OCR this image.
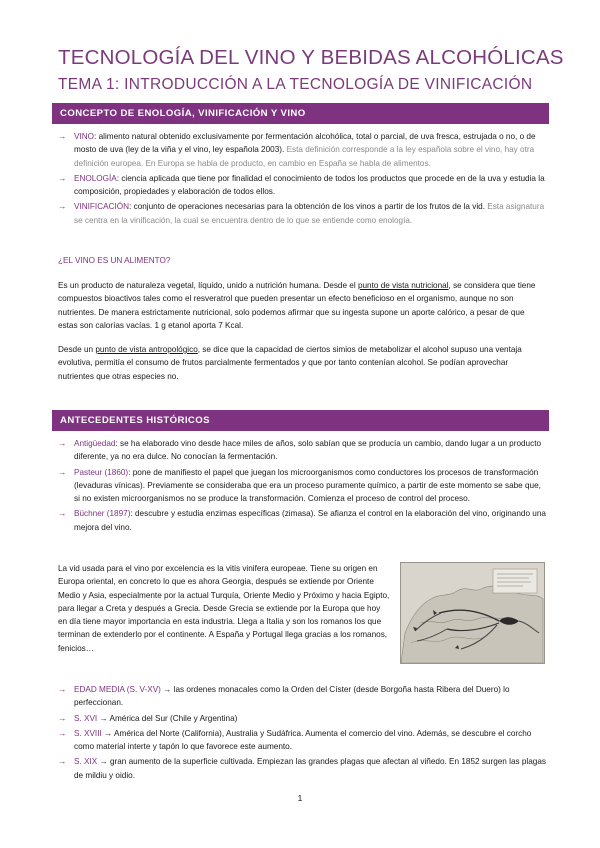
TECNOLOGÍA DEL VINO Y BEBIDAS ALCOHÓLICAS
TEMA 1: INTRODUCCIÓN A LA TECNOLOGÍA DE VINIFICACIÓN
CONCEPTO DE ENOLOGÍA, VINIFICACIÓN Y VINO
→ VINO: alimento natural obtenido exclusivamente por fermentación alcohólica, total o parcial, de uva fresca, estrujada o no, o de mosto de uva (ley de la viña y el vino, ley española 2003). Esta definición corresponde a la ley española sobre el vino, hay otra definición europea. En Europa se habla de producto, en cambio en España se habla de alimentos.
→ ENOLOGÍA: ciencia aplicada que tiene por finalidad el conocimiento de todos los productos que procede en de la uva y estudia la composición, propiedades y elaboración de todos ellos.
→ VINIFICACIÓN: conjunto de operaciones necesarias para la obtención de los vinos a partir de los frutos de la vid. Esta asignatura se centra en la vinificación, la cual se encuentra dentro de lo que se entiende como enología.
¿EL VINO ES UN ALIMENTO?

Es un producto de naturaleza vegetal, líquido, unido a nutrición humana. Desde el punto de vista nutricional, se considera que tiene compuestos bioactivos tales como el resveratrol que pueden presentar un efecto beneficioso en el organismo, aunque no son nutrientes. De manera estrictamente nutricional, solo podemos afirmar que su ingesta supone un aporte calórico, a pesar de que estas son calorías vacías. 1 g etanol aporta 7 Kcal.

Desde un punto de vista antropológico, se dice que la capacidad de ciertos simios de metabolizar el alcohol supuso una ventaja evolutiva, permitía el consumo de frutos parcialmente fermentados y que por tanto contenían alcohol. Se podían aprovechar nutrientes que otras especies no.

ANTECEDENTES HISTÓRICOS
→ Antigüedad: se ha elaborado vino desde hace miles de años, solo sabían que se producía un cambio, dando lugar a un producto diferente, ya no era dulce. No conocían la fermentación.
→ Pasteur (1860): pone de manifiesto el papel que juegan los microorganismos como conductores los procesos de transformación (levaduras vínicas). Previamente se consideraba que era un proceso puramente químico, a partir de este momento se sabe que, si no existen microorganismos no se produce la transformación. Comienza el proceso de control del proceso.
→ Büchner (1897): descubre y estudia enzimas específicas (zimasa). Se afianza el control en la elaboración del vino, originando una mejora del vino.

La vid usada para el vino por excelencia es la vitis vinifera europeae. Tiene su origen en Europa oriental, en concreto lo que es ahora Georgia, después se extiende por Oriente Medio y Asia, especialmente por la actual Turquía, Oriente Medio y Próximo y hacia Egipto, para llegar a Creta y después a Grecia. Desde Grecia se extiende por la Europa que hoy en día tiene mayor importancia en esta industria. Llega a Italia y son los romanos los que terminan de extenderlo por el continente. A España y Portugal llega gracias a los romanos, fenicios…

→ EDAD MEDIA (S. V-XV) → las ordenes monacales como la Orden del Císter (desde Borgoña hasta Ribera del Duero) lo perfeccionan.
→ S. XVI → América del Sur (Chile y Argentina)
→ S. XVIII → América del Norte (California), Australia y Sudáfrica. Aumenta el comercio del vino. Además, se descubre el corcho como material interte y tapón lo que favorece este aumento.
→ S. XIX → gran aumento de la superficie cultivada. Empiezan las grandes plagas que afectan al viñedo. En 1852 surgen las plagas de mildiu y oidio.
1
